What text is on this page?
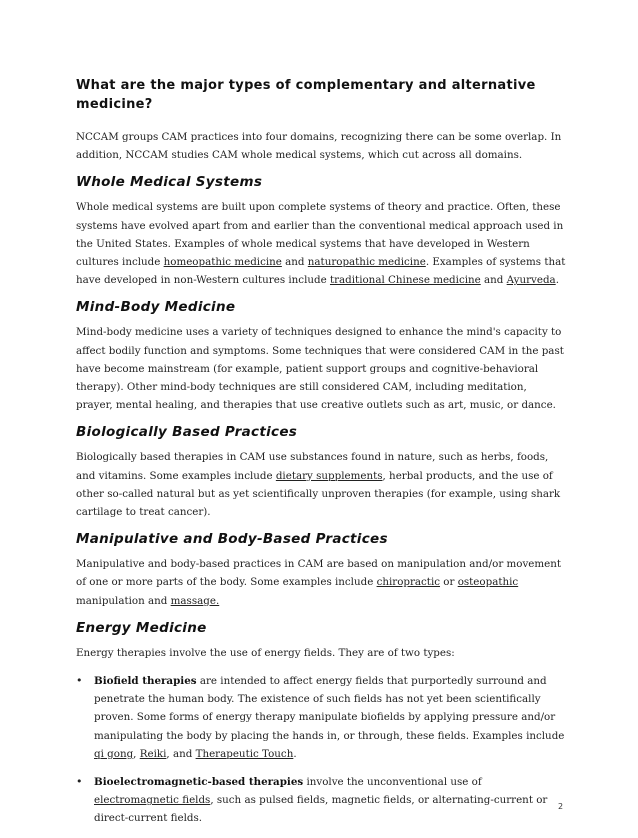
What are the major types of complementary and alternative medicine?

NCCAM groups CAM practices into four domains, recognizing there can be some overlap. In addition, NCCAM studies CAM whole medical systems, which cut across all domains.

Whole Medical Systems

Whole medical systems are built upon complete systems of theory and practice. Often, these systems have evolved apart from and earlier than the conventional medical approach used in the United States. Examples of whole medical systems that have developed in Western cultures include homeopathic medicine and naturopathic medicine. Examples of systems that have developed in non-Western cultures include traditional Chinese medicine and Ayurveda.

Mind-Body Medicine

Mind-body medicine uses a variety of techniques designed to enhance the mind's capacity to affect bodily function and symptoms. Some techniques that were considered CAM in the past have become mainstream (for example, patient support groups and cognitive-behavioral therapy). Other mind-body techniques are still considered CAM, including meditation, prayer, mental healing, and therapies that use creative outlets such as art, music, or dance.

Biologically Based Practices

Biologically based therapies in CAM use substances found in nature, such as herbs, foods, and vitamins. Some examples include dietary supplements, herbal products, and the use of other so-called natural but as yet scientifically unproven therapies (for example, using shark cartilage to treat cancer).

Manipulative and Body-Based Practices

Manipulative and body-based practices in CAM are based on manipulation and/or movement of one or more parts of the body. Some examples include chiropractic or osteopathic manipulation and massage.

Energy Medicine

Energy therapies involve the use of energy fields. They are of two types:

• Biofield therapies are intended to affect energy fields that purportedly surround and penetrate the human body. The existence of such fields has not yet been scientifically proven. Some forms of energy therapy manipulate biofields by applying pressure and/or manipulating the body by placing the hands in, or through, these fields. Examples include qi gong, Reiki, and Therapeutic Touch.
• Bioelectromagnetic-based therapies involve the unconventional use of electromagnetic fields, such as pulsed fields, magnetic fields, or alternating-current or direct-current fields.
2
